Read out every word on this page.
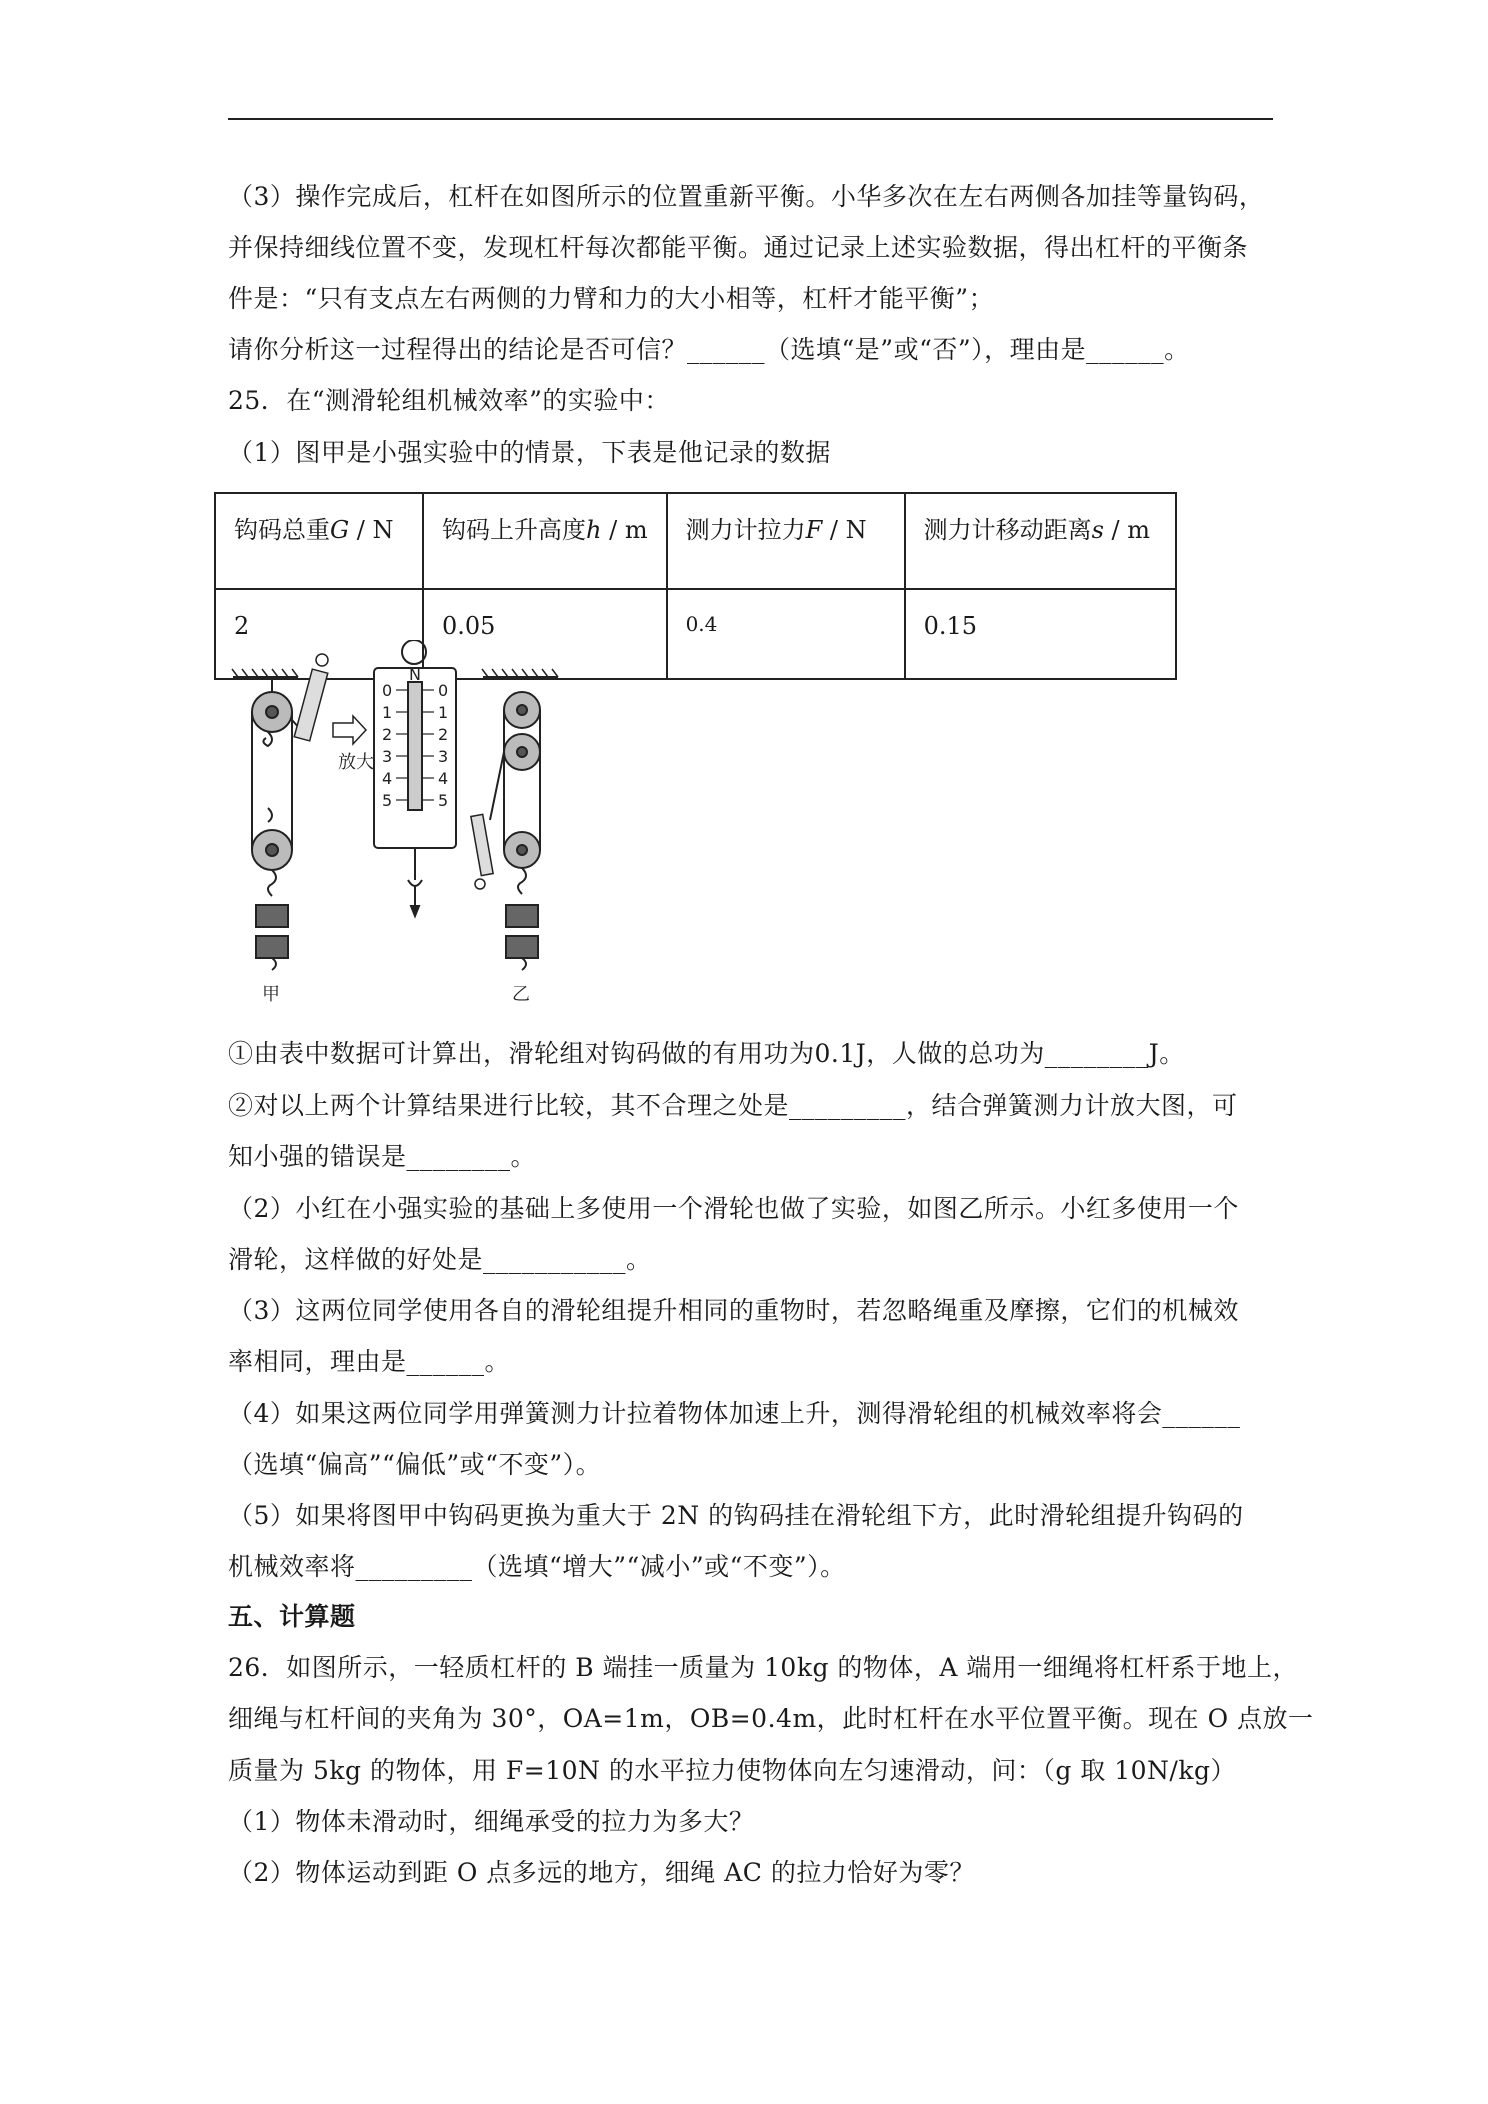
（3）操作完成后，杠杆在如图所示的位置重新平衡。小华多次在左右两侧各加挂等量钩码，
并保持细线位置不变，发现杠杆每次都能平衡。通过记录上述实验数据，得出杠杆的平衡条
件是：“只有支点左右两侧的力臂和力的大小相等，杠杆才能平衡”；
请你分析这一过程得出的结论是否可信？______（选填“是”或“否”），理由是______。
25．在“测滑轮组机械效率”的实验中：
（1）图甲是小强实验中的情景，下表是他记录的数据
钩码总重G / N	钩码上升高度h / m	测力计拉力F / N	测力计移动距离s / m
2	0.05	0.4	0.15
放大
N
0
1
2
3
4
5
0
1
2
3
4
5
甲	乙
①由表中数据可计算出，滑轮组对钩码做的有用功为0.1J，人做的总功为________J。
②对以上两个计算结果进行比较，其不合理之处是_________，结合弹簧测力计放大图，可
知小强的错误是________。
（2）小红在小强实验的基础上多使用一个滑轮也做了实验，如图乙所示。小红多使用一个
滑轮，这样做的好处是___________。
（3）这两位同学使用各自的滑轮组提升相同的重物时，若忽略绳重及摩擦，它们的机械效
率相同，理由是______。
（4）如果这两位同学用弹簧测力计拉着物体加速上升，测得滑轮组的机械效率将会______
（选填“偏高”“偏低”或“不变”）。
（5）如果将图甲中钩码更换为重大于 2N 的钩码挂在滑轮组下方，此时滑轮组提升钩码的
机械效率将_________（选填“增大”“减小”或“不变”）。
五、计算题
26．如图所示，一轻质杠杆的 B 端挂一质量为 10kg 的物体，A 端用一细绳将杠杆系于地上，
细绳与杠杆间的夹角为 30°，OA=1m，OB=0.4m，此时杠杆在水平位置平衡。现在 O 点放一
质量为 5kg 的物体，用 F=10N 的水平拉力使物体向左匀速滑动，问：（g 取 10N/kg）
（1）物体未滑动时，细绳承受的拉力为多大？
（2）物体运动到距 O 点多远的地方，细绳 AC 的拉力恰好为零？
